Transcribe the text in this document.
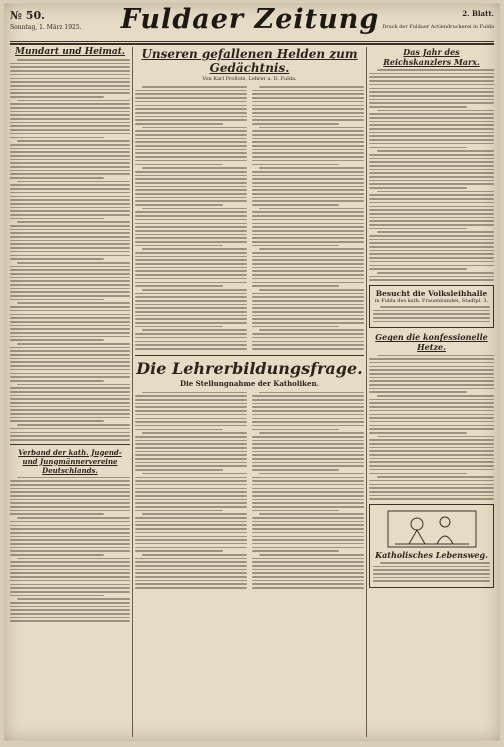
№ 50.
Sonntag, 1. März 1925.	Fuldaer Zeitung	2. Blatt.
Druck der Fuldaer Actiendruckerei in Fulda
Mundart und Heimat.
Verband der kath. Jugend- und Jungmännervereine Deutschlands.
Unseren gefallenen Helden zum Gedächtnis.
Von Karl Proflotz, Lehrer a. D. Fulda.
Die Lehrerbildungsfrage.
Die Stellungnahme der Katholiken.
Das Jahr des Reichskanzlers Marx.
Besucht die Volksleihhalle
in Fulda des kath. Frauenbundes, Stadtpl. 3.
Gegen die konfessionelle Hetze.
Katholisches Lebensweg.
